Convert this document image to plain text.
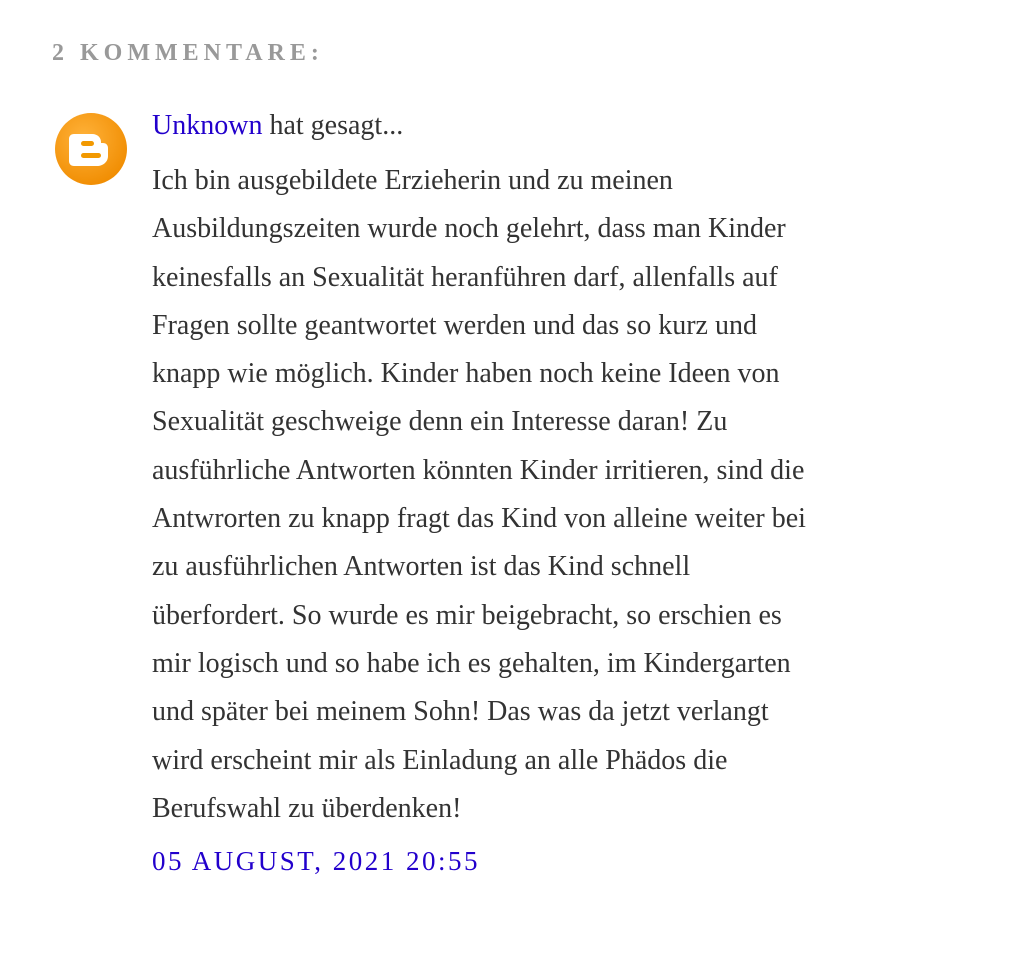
2 KOMMENTARE:
Unknown hat gesagt...
Ich bin ausgebildete Erzieherin und zu meinen
Ausbildungszeiten wurde noch gelehrt, dass man Kinder
keinesfalls an Sexualität heranführen darf, allenfalls auf
Fragen sollte geantwortet werden und das so kurz und
knapp wie möglich. Kinder haben noch keine Ideen von
Sexualität geschweige denn ein Interesse daran! Zu
ausführliche Antworten könnten Kinder irritieren, sind die
Antwrorten zu knapp fragt das Kind von alleine weiter bei
zu ausführlichen Antworten ist das Kind schnell
überfordert. So wurde es mir beigebracht, so erschien es
mir logisch und so habe ich es gehalten, im Kindergarten
und später bei meinem Sohn! Das was da jetzt verlangt
wird erscheint mir als Einladung an alle Phädos die
Berufswahl zu überdenken!
05 AUGUST, 2021 20:55
